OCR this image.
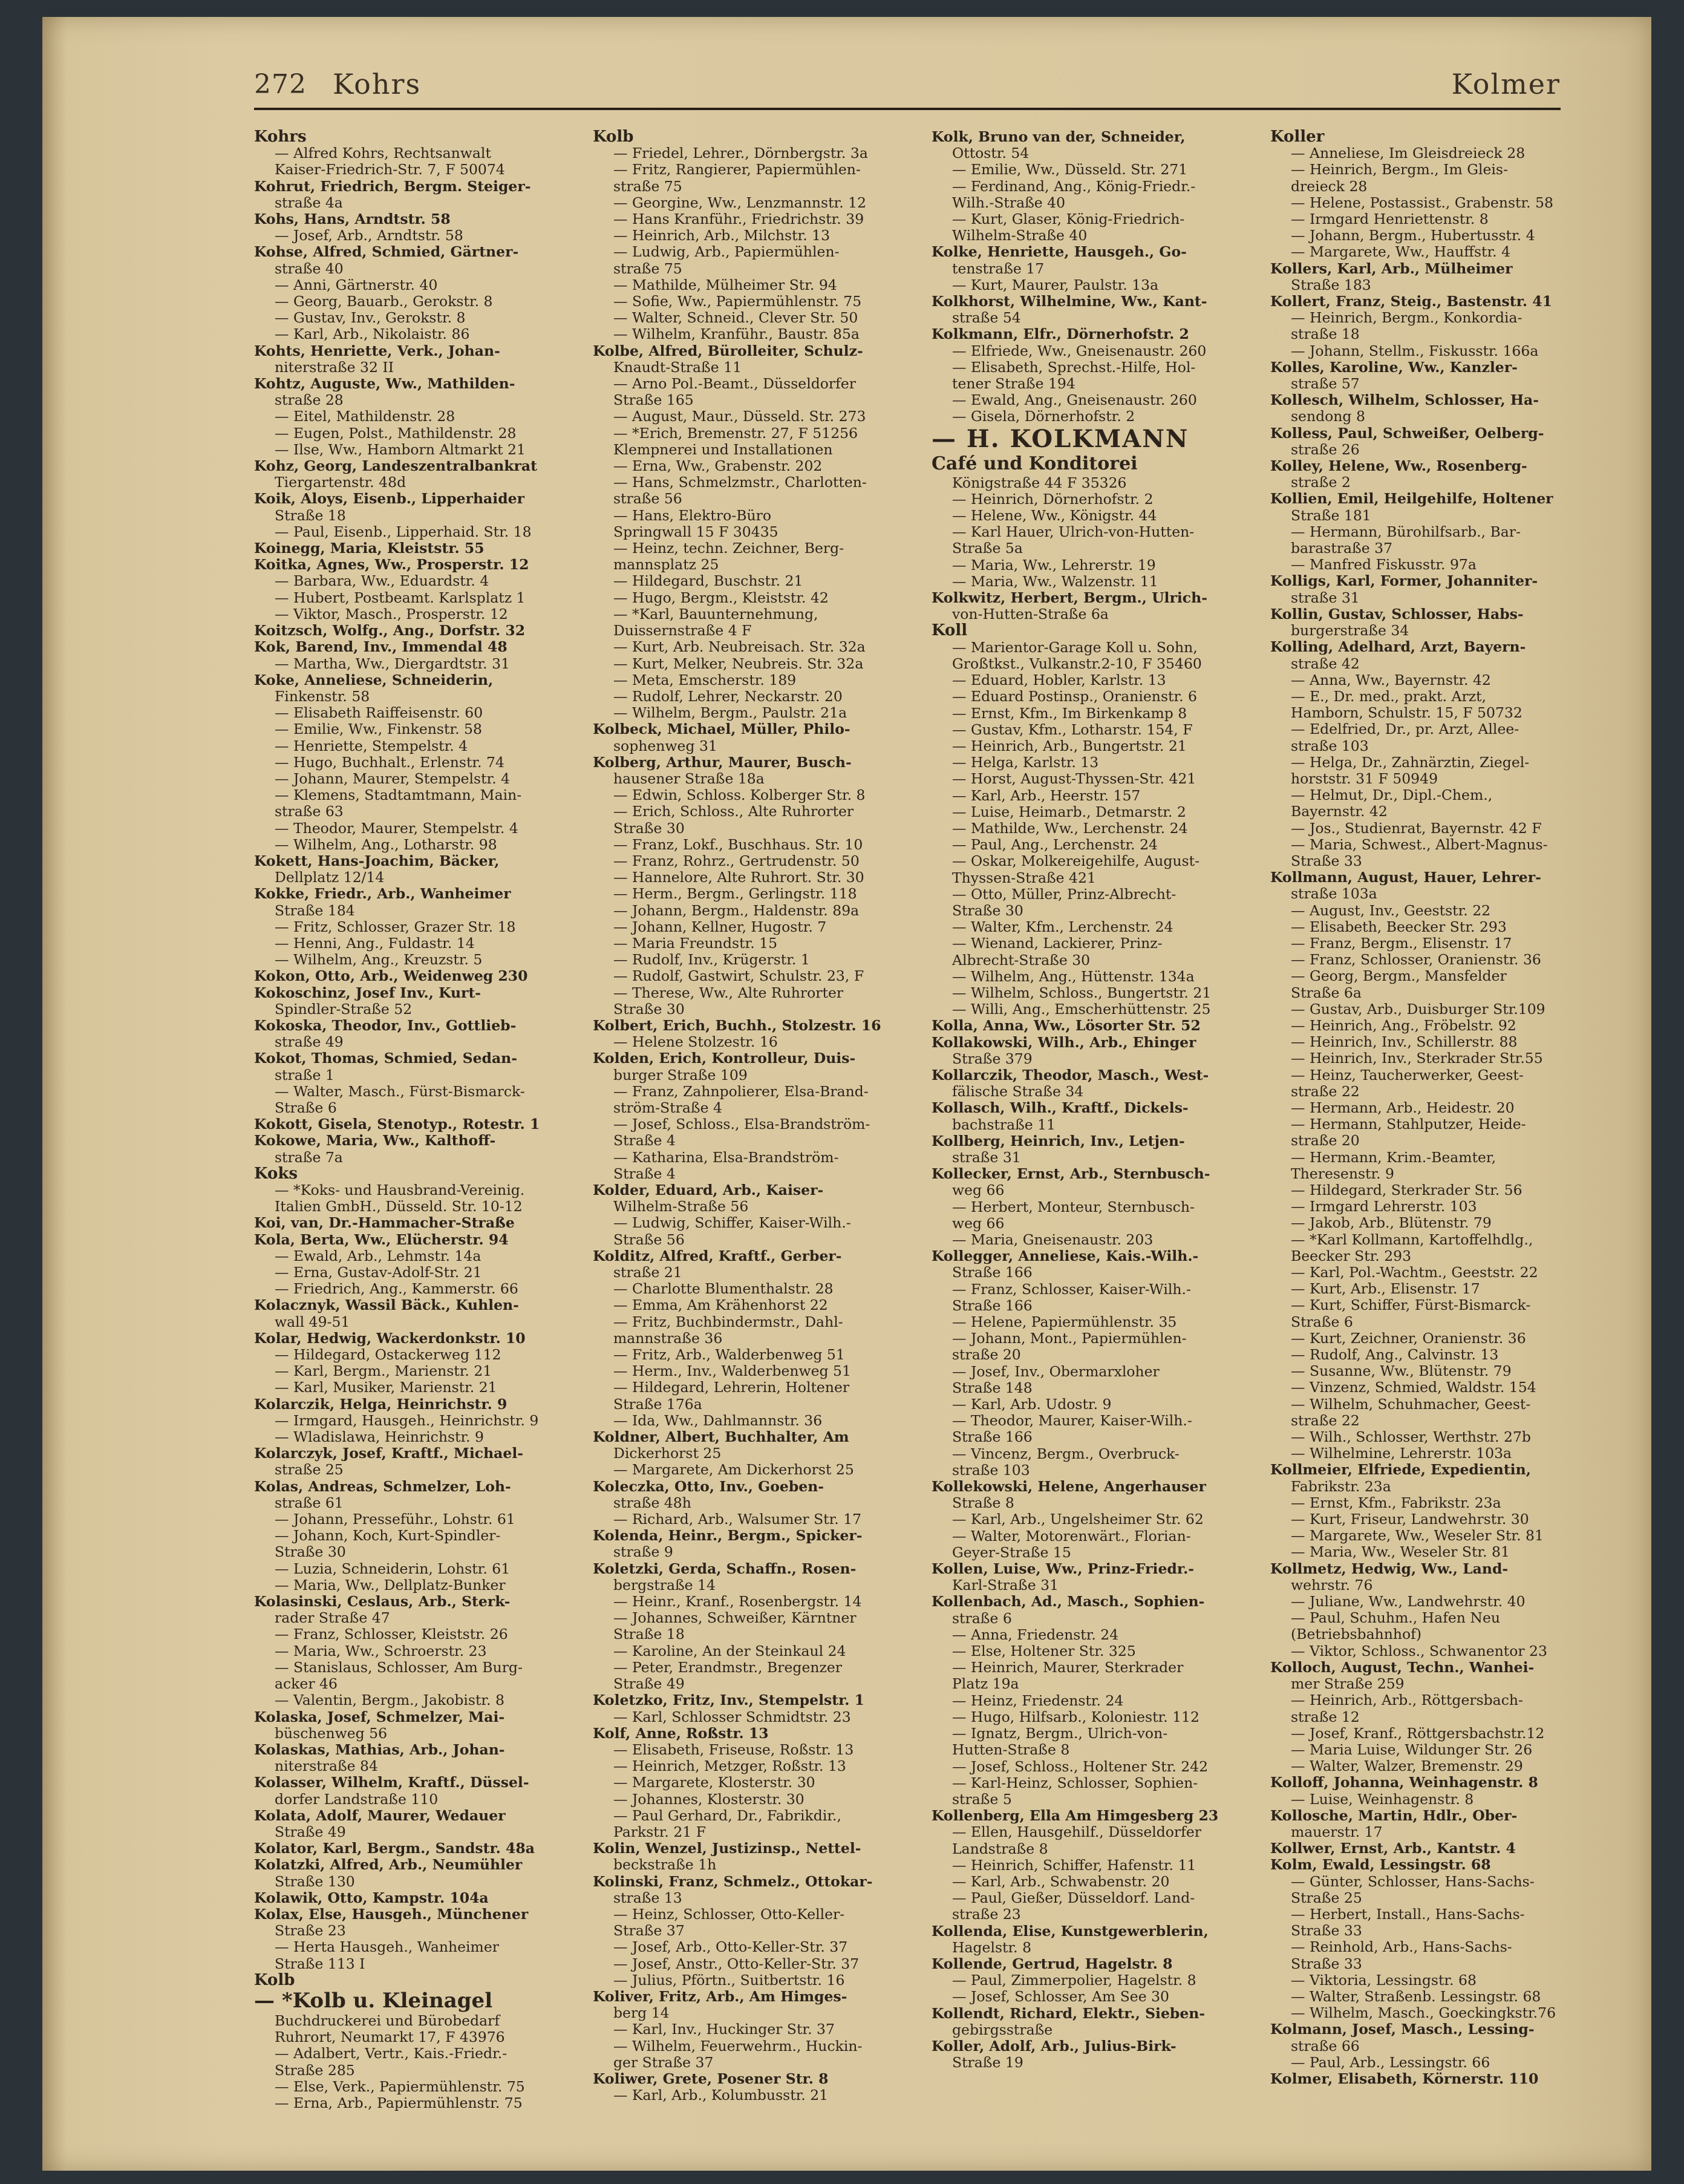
272 Kohrs	Kolmer
Kohrs
— Alfred Kohrs, Rechtsanwalt
Kaiser-Friedrich-Str. 7, F 50074
Kohrut, Friedrich, Bergm. Steiger-
straße 4a
Kohs, Hans, Arndtstr. 58
— Josef, Arb., Arndtstr. 58
Kohse, Alfred, Schmied, Gärtner-
straße 40
— Anni, Gärtnerstr. 40
— Georg, Bauarb., Gerokstr. 8
— Gustav, Inv., Gerokstr. 8
— Karl, Arb., Nikolaistr. 86
Kohts, Henriette, Verk., Johan-
niterstraße 32 II
Kohtz, Auguste, Ww., Mathilden-
straße 28
— Eitel, Mathildenstr. 28
— Eugen, Polst., Mathildenstr. 28
— Ilse, Ww., Hamborn Altmarkt 21
Kohz, Georg, Landeszentralbankrat
Tiergartenstr. 48d
Koik, Aloys, Eisenb., Lipperhaider
Straße 18
— Paul, Eisenb., Lipperhaid. Str. 18
Koinegg, Maria, Kleiststr. 55
Koitka, Agnes, Ww., Prosperstr. 12
— Barbara, Ww., Eduardstr. 4
— Hubert, Postbeamt. Karlsplatz 1
— Viktor, Masch., Prosperstr. 12
Koitzsch, Wolfg., Ang., Dorfstr. 32
Kok, Barend, Inv., Immendal 48
— Martha, Ww., Diergardtstr. 31
Koke, Anneliese, Schneiderin,
Finkenstr. 58
— Elisabeth Raiffeisenstr. 60
— Emilie, Ww., Finkenstr. 58
— Henriette, Stempelstr. 4
— Hugo, Buchhalt., Erlenstr. 74
— Johann, Maurer, Stempelstr. 4
— Klemens, Stadtamtmann, Main-
straße 63
— Theodor, Maurer, Stempelstr. 4
— Wilhelm, Ang., Lotharstr. 98
Kokett, Hans-Joachim, Bäcker,
Dellplatz 12/14
Kokke, Friedr., Arb., Wanheimer
Straße 184
— Fritz, Schlosser, Grazer Str. 18
— Henni, Ang., Fuldastr. 14
— Wilhelm, Ang., Kreuzstr. 5
Kokon, Otto, Arb., Weidenweg 230
Kokoschinz, Josef Inv., Kurt-
Spindler-Straße 52
Kokoska, Theodor, Inv., Gottlieb-
straße 49
Kokot, Thomas, Schmied, Sedan-
straße 1
— Walter, Masch., Fürst-Bismarck-
Straße 6
Kokott, Gisela, Stenotyp., Rotestr. 1
Kokowe, Maria, Ww., Kalthoff-
straße 7a
Koks
— *Koks- und Hausbrand-Vereinig.
Italien GmbH., Düsseld. Str. 10-12
Koi, van, Dr.-Hammacher-Straße
Kola, Berta, Ww., Elücherstr. 94
— Ewald, Arb., Lehmstr. 14a
— Erna, Gustav-Adolf-Str. 21
— Friedrich, Ang., Kammerstr. 66
Kolacznyk, Wassil Bäck., Kuhlen-
wall 49-51
Kolar, Hedwig, Wackerdonkstr. 10
— Hildegard, Ostackerweg 112
— Karl, Bergm., Marienstr. 21
— Karl, Musiker, Marienstr. 21
Kolarczik, Helga, Heinrichstr. 9
— Irmgard, Hausgeh., Heinrichstr. 9
— Wladislawa, Heinrichstr. 9
Kolarczyk, Josef, Kraftf., Michael-
straße 25
Kolas, Andreas, Schmelzer, Loh-
straße 61
— Johann, Presseführ., Lohstr. 61
— Johann, Koch, Kurt-Spindler-
Straße 30
— Luzia, Schneiderin, Lohstr. 61
— Maria, Ww., Dellplatz-Bunker
Kolasinski, Ceslaus, Arb., Sterk-
rader Straße 47
— Franz, Schlosser, Kleiststr. 26
— Maria, Ww., Schroerstr. 23
— Stanislaus, Schlosser, Am Burg-
acker 46
— Valentin, Bergm., Jakobistr. 8
Kolaska, Josef, Schmelzer, Mai-
büschenweg 56
Kolaskas, Mathias, Arb., Johan-
niterstraße 84
Kolasser, Wilhelm, Kraftf., Düssel-
dorfer Landstraße 110
Kolata, Adolf, Maurer, Wedauer
Straße 49
Kolator, Karl, Bergm., Sandstr. 48a
Kolatzki, Alfred, Arb., Neumühler
Straße 130
Kolawik, Otto, Kampstr. 104a
Kolax, Else, Hausgeh., Münchener
Straße 23
— Herta Hausgeh., Wanheimer
Straße 113 I
Kolb
— *Kolb u. Kleinagel
Buchdruckerei und Bürobedarf
Ruhrort, Neumarkt 17, F 43976
— Adalbert, Vertr., Kais.-Friedr.-
Straße 285
— Else, Verk., Papiermühlenstr. 75
— Erna, Arb., Papiermühlenstr. 75
Kolb
— Friedel, Lehrer., Dörnbergstr. 3a
— Fritz, Rangierer, Papiermühlen-
straße 75
— Georgine, Ww., Lenzmannstr. 12
— Hans Kranführ., Friedrichstr. 39
— Heinrich, Arb., Milchstr. 13
— Ludwig, Arb., Papiermühlen-
straße 75
— Mathilde, Mülheimer Str. 94
— Sofie, Ww., Papiermühlenstr. 75
— Walter, Schneid., Clever Str. 50
— Wilhelm, Kranführ., Baustr. 85a
Kolbe, Alfred, Bürolleiter, Schulz-
Knaudt-Straße 11
— Arno Pol.-Beamt., Düsseldorfer
Straße 165
— August, Maur., Düsseld. Str. 273
— *Erich, Bremenstr. 27, F 51256
Klempnerei und Installationen
— Erna, Ww., Grabenstr. 202
— Hans, Schmelzmstr., Charlotten-
straße 56
— Hans, Elektro-Büro
Springwall 15 F 30435
— Heinz, techn. Zeichner, Berg-
mannsplatz 25
— Hildegard, Buschstr. 21
— Hugo, Bergm., Kleiststr. 42
— *Karl, Bauunternehmung,
Duissernstraße 4 F
— Kurt, Arb. Neubreisach. Str. 32a
— Kurt, Melker, Neubreis. Str. 32a
— Meta, Emscherstr. 189
— Rudolf, Lehrer, Neckarstr. 20
— Wilhelm, Bergm., Paulstr. 21a
Kolbeck, Michael, Müller, Philo-
sophenweg 31
Kolberg, Arthur, Maurer, Busch-
hausener Straße 18a
— Edwin, Schloss. Kolberger Str. 8
— Erich, Schloss., Alte Ruhrorter
Straße 30
— Franz, Lokf., Buschhaus. Str. 10
— Franz, Rohrz., Gertrudenstr. 50
— Hannelore, Alte Ruhrort. Str. 30
— Herm., Bergm., Gerlingstr. 118
— Johann, Bergm., Haldenstr. 89a
— Johann, Kellner, Hugostr. 7
— Maria Freundstr. 15
— Rudolf, Inv., Krügerstr. 1
— Rudolf, Gastwirt, Schulstr. 23, F
— Therese, Ww., Alte Ruhrorter
Straße 30
Kolbert, Erich, Buchh., Stolzestr. 16
— Helene Stolzestr. 16
Kolden, Erich, Kontrolleur, Duis-
burger Straße 109
— Franz, Zahnpolierer, Elsa-Brand-
ström-Straße 4
— Josef, Schloss., Elsa-Brandström-
Straße 4
— Katharina, Elsa-Brandström-
Straße 4
Kolder, Eduard, Arb., Kaiser-
Wilhelm-Straße 56
— Ludwig, Schiffer, Kaiser-Wilh.-
Straße 56
Kolditz, Alfred, Kraftf., Gerber-
straße 21
— Charlotte Blumenthalstr. 28
— Emma, Am Krähenhorst 22
— Fritz, Buchbindermstr., Dahl-
mannstraße 36
— Fritz, Arb., Walderbenweg 51
— Herm., Inv., Walderbenweg 51
— Hildegard, Lehrerin, Holtener
Straße 176a
— Ida, Ww., Dahlmannstr. 36
Koldner, Albert, Buchhalter, Am
Dickerhorst 25
— Margarete, Am Dickerhorst 25
Koleczka, Otto, Inv., Goeben-
straße 48h
— Richard, Arb., Walsumer Str. 17
Kolenda, Heinr., Bergm., Spicker-
straße 9
Koletzki, Gerda, Schaffn., Rosen-
bergstraße 14
— Heinr., Kranf., Rosenbergstr. 14
— Johannes, Schweißer, Kärntner
Straße 18
— Karoline, An der Steinkaul 24
— Peter, Erandmstr., Bregenzer
Straße 49
Koletzko, Fritz, Inv., Stempelstr. 1
— Karl, Schlosser Schmidtstr. 23
Kolf, Anne, Roßstr. 13
— Elisabeth, Friseuse, Roßstr. 13
— Heinrich, Metzger, Roßstr. 13
— Margarete, Klosterstr. 30
— Johannes, Klosterstr. 30
— Paul Gerhard, Dr., Fabrikdir.,
Parkstr. 21 F
Kolin, Wenzel, Justizinsp., Nettel-
beckstraße 1h
Kolinski, Franz, Schmelz., Ottokar-
straße 13
— Heinz, Schlosser, Otto-Keller-
Straße 37
— Josef, Arb., Otto-Keller-Str. 37
— Josef, Anstr., Otto-Keller-Str. 37
— Julius, Pförtn., Suitbertstr. 16
Koliver, Fritz, Arb., Am Himges-
berg 14
— Karl, Inv., Huckinger Str. 37
— Wilhelm, Feuerwehrm., Huckin-
ger Straße 37
Koliwer, Grete, Posener Str. 8
— Karl, Arb., Kolumbusstr. 21
Kolk, Bruno van der, Schneider,
Ottostr. 54
— Emilie, Ww., Düsseld. Str. 271
— Ferdinand, Ang., König-Friedr.-
Wilh.-Straße 40
— Kurt, Glaser, König-Friedrich-
Wilhelm-Straße 40
Kolke, Henriette, Hausgeh., Go-
tenstraße 17
— Kurt, Maurer, Paulstr. 13a
Kolkhorst, Wilhelmine, Ww., Kant-
straße 54
Kolkmann, Elfr., Dörnerhofstr. 2
— Elfriede, Ww., Gneisenaustr. 260
— Elisabeth, Sprechst.-Hilfe, Hol-
tener Straße 194
— Ewald, Ang., Gneisenaustr. 260
— Gisela, Dörnerhofstr. 2
— H. KOLKMANN
Café und Konditorei
Königstraße 44 F 35326
— Heinrich, Dörnerhofstr. 2
— Helene, Ww., Königstr. 44
— Karl Hauer, Ulrich-von-Hutten-
Straße 5a
— Maria, Ww., Lehrerstr. 19
— Maria, Ww., Walzenstr. 11
Kolkwitz, Herbert, Bergm., Ulrich-
von-Hutten-Straße 6a
Koll
— Marientor-Garage Koll u. Sohn,
Großtkst., Vulkanstr.2-10, F 35460
— Eduard, Hobler, Karlstr. 13
— Eduard Postinsp., Oranienstr. 6
— Ernst, Kfm., Im Birkenkamp 8
— Gustav, Kfm., Lotharstr. 154, F
— Heinrich, Arb., Bungertstr. 21
— Helga, Karlstr. 13
— Horst, August-Thyssen-Str. 421
— Karl, Arb., Heerstr. 157
— Luise, Heimarb., Detmarstr. 2
— Mathilde, Ww., Lerchenstr. 24
— Paul, Ang., Lerchenstr. 24
— Oskar, Molkereigehilfe, August-
Thyssen-Straße 421
— Otto, Müller, Prinz-Albrecht-
Straße 30
— Walter, Kfm., Lerchenstr. 24
— Wienand, Lackierer, Prinz-
Albrecht-Straße 30
— Wilhelm, Ang., Hüttenstr. 134a
— Wilhelm, Schloss., Bungertstr. 21
— Willi, Ang., Emscherhüttenstr. 25
Kolla, Anna, Ww., Lösorter Str. 52
Kollakowski, Wilh., Arb., Ehinger
Straße 379
Kollarczik, Theodor, Masch., West-
fälische Straße 34
Kollasch, Wilh., Kraftf., Dickels-
bachstraße 11
Kollberg, Heinrich, Inv., Letjen-
straße 31
Kollecker, Ernst, Arb., Sternbusch-
weg 66
— Herbert, Monteur, Sternbusch-
weg 66
— Maria, Gneisenaustr. 203
Kollegger, Anneliese, Kais.-Wilh.-
Straße 166
— Franz, Schlosser, Kaiser-Wilh.-
Straße 166
— Helene, Papiermühlenstr. 35
— Johann, Mont., Papiermühlen-
straße 20
— Josef, Inv., Obermarxloher
Straße 148
— Karl, Arb. Udostr. 9
— Theodor, Maurer, Kaiser-Wilh.-
Straße 166
— Vincenz, Bergm., Overbruck-
straße 103
Kollekowski, Helene, Angerhauser
Straße 8
— Karl, Arb., Ungelsheimer Str. 62
— Walter, Motorenwärt., Florian-
Geyer-Straße 15
Kollen, Luise, Ww., Prinz-Friedr.-
Karl-Straße 31
Kollenbach, Ad., Masch., Sophien-
straße 6
— Anna, Friedenstr. 24
— Else, Holtener Str. 325
— Heinrich, Maurer, Sterkrader
Platz 19a
— Heinz, Friedenstr. 24
— Hugo, Hilfsarb., Koloniestr. 112
— Ignatz, Bergm., Ulrich-von-
Hutten-Straße 8
— Josef, Schloss., Holtener Str. 242
— Karl-Heinz, Schlosser, Sophien-
straße 5
Kollenberg, Ella Am Himgesberg 23
— Ellen, Hausgehilf., Düsseldorfer
Landstraße 8
— Heinrich, Schiffer, Hafenstr. 11
— Karl, Arb., Schwabenstr. 20
— Paul, Gießer, Düsseldorf. Land-
straße 23
Kollenda, Elise, Kunstgewerblerin,
Hagelstr. 8
Kollende, Gertrud, Hagelstr. 8
— Paul, Zimmerpolier, Hagelstr. 8
— Josef, Schlosser, Am See 30
Kollendt, Richard, Elektr., Sieben-
gebirgsstraße
Koller, Adolf, Arb., Julius-Birk-
Straße 19
Koller
— Anneliese, Im Gleisdreieck 28
— Heinrich, Bergm., Im Gleis-
dreieck 28
— Helene, Postassist., Grabenstr. 58
— Irmgard Henriettenstr. 8
— Johann, Bergm., Hubertusstr. 4
— Margarete, Ww., Hauffstr. 4
Kollers, Karl, Arb., Mülheimer
Straße 183
Kollert, Franz, Steig., Bastenstr. 41
— Heinrich, Bergm., Konkordia-
straße 18
— Johann, Stellm., Fiskusstr. 166a
Kolles, Karoline, Ww., Kanzler-
straße 57
Kollesch, Wilhelm, Schlosser, Ha-
sendong 8
Kolless, Paul, Schweißer, Oelberg-
straße 26
Kolley, Helene, Ww., Rosenberg-
straße 2
Kollien, Emil, Heilgehilfe, Holtener
Straße 181
— Hermann, Bürohilfsarb., Bar-
barastraße 37
— Manfred Fiskusstr. 97a
Kolligs, Karl, Former, Johanniter-
straße 31
Kollin, Gustav, Schlosser, Habs-
burgerstraße 34
Kolling, Adelhard, Arzt, Bayern-
straße 42
— Anna, Ww., Bayernstr. 42
— E., Dr. med., prakt. Arzt,
Hamborn, Schulstr. 15, F 50732
— Edelfried, Dr., pr. Arzt, Allee-
straße 103
— Helga, Dr., Zahnärztin, Ziegel-
horststr. 31 F 50949
— Helmut, Dr., Dipl.-Chem.,
Bayernstr. 42
— Jos., Studienrat, Bayernstr. 42 F
— Maria, Schwest., Albert-Magnus-
Straße 33
Kollmann, August, Hauer, Lehrer-
straße 103a
— August, Inv., Geeststr. 22
— Elisabeth, Beecker Str. 293
— Franz, Bergm., Elisenstr. 17
— Franz, Schlosser, Oranienstr. 36
— Georg, Bergm., Mansfelder
Straße 6a
— Gustav, Arb., Duisburger Str.109
— Heinrich, Ang., Fröbelstr. 92
— Heinrich, Inv., Schillerstr. 88
— Heinrich, Inv., Sterkrader Str.55
— Heinz, Taucherwerker, Geest-
straße 22
— Hermann, Arb., Heidestr. 20
— Hermann, Stahlputzer, Heide-
straße 20
— Hermann, Krim.-Beamter,
Theresenstr. 9
— Hildegard, Sterkrader Str. 56
— Irmgard Lehrerstr. 103
— Jakob, Arb., Blütenstr. 79
— *Karl Kollmann, Kartoffelhdlg.,
Beecker Str. 293
— Karl, Pol.-Wachtm., Geeststr. 22
— Kurt, Arb., Elisenstr. 17
— Kurt, Schiffer, Fürst-Bismarck-
Straße 6
— Kurt, Zeichner, Oranienstr. 36
— Rudolf, Ang., Calvinstr. 13
— Susanne, Ww., Blütenstr. 79
— Vinzenz, Schmied, Waldstr. 154
— Wilhelm, Schuhmacher, Geest-
straße 22
— Wilh., Schlosser, Werthstr. 27b
— Wilhelmine, Lehrerstr. 103a
Kollmeier, Elfriede, Expedientin,
Fabrikstr. 23a
— Ernst, Kfm., Fabrikstr. 23a
— Kurt, Friseur, Landwehrstr. 30
— Margarete, Ww., Weseler Str. 81
— Maria, Ww., Weseler Str. 81
Kollmetz, Hedwig, Ww., Land-
wehrstr. 76
— Juliane, Ww., Landwehrstr. 40
— Paul, Schuhm., Hafen Neu
(Betriebsbahnhof)
— Viktor, Schloss., Schwanentor 23
Kolloch, August, Techn., Wanhei-
mer Straße 259
— Heinrich, Arb., Röttgersbach-
straße 12
— Josef, Kranf., Röttgersbachstr.12
— Maria Luise, Wildunger Str. 26
— Walter, Walzer, Bremenstr. 29
Kolloff, Johanna, Weinhagenstr. 8
— Luise, Weinhagenstr. 8
Kollosche, Martin, Hdlr., Ober-
mauerstr. 17
Kollwer, Ernst, Arb., Kantstr. 4
Kolm, Ewald, Lessingstr. 68
— Günter, Schlosser, Hans-Sachs-
Straße 25
— Herbert, Install., Hans-Sachs-
Straße 33
— Reinhold, Arb., Hans-Sachs-
Straße 33
— Viktoria, Lessingstr. 68
— Walter, Straßenb. Lessingstr. 68
— Wilhelm, Masch., Goeckingkstr.76
Kolmann, Josef, Masch., Lessing-
straße 66
— Paul, Arb., Lessingstr. 66
Kolmer, Elisabeth, Körnerstr. 110
